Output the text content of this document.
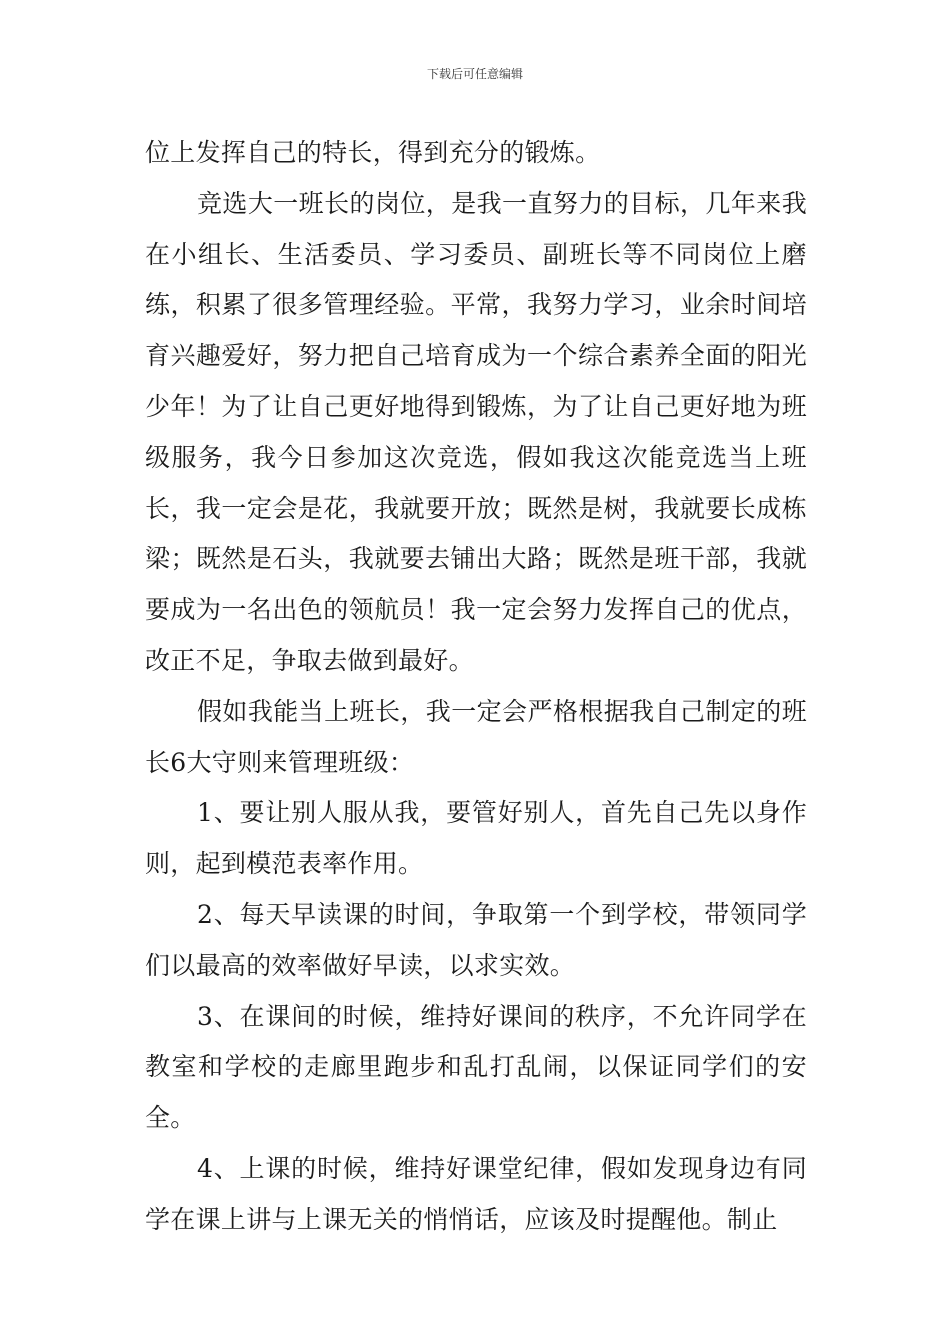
下载后可任意编辑

位上发挥自己的特长，得到充分的锻炼。

竞选大一班长的岗位，是我一直努力的目标，几年来我在小组长、生活委员、学习委员、副班长等不同岗位上磨练，积累了很多管理经验。平常，我努力学习，业余时间培育兴趣爱好，努力把自己培育成为一个综合素养全面的阳光少年！为了让自己更好地得到锻炼，为了让自己更好地为班级服务，我今日参加这次竞选，假如我这次能竞选当上班长，我一定会是花，我就要开放；既然是树，我就要长成栋梁；既然是石头，我就要去铺出大路；既然是班干部，我就要成为一名出色的领航员！我一定会努力发挥自己的优点，改正不足，争取去做到最好。

假如我能当上班长，我一定会严格根据我自己制定的班长6大守则来管理班级：

1、要让别人服从我，要管好别人，首先自己先以身作则，起到模范表率作用。

2、每天早读课的时间，争取第一个到学校，带领同学们以最高的效率做好早读，以求实效。

3、在课间的时候，维持好课间的秩序，不允许同学在教室和学校的走廊里跑步和乱打乱闹，以保证同学们的安全。

4、上课的时候，维持好课堂纪律，假如发现身边有同学在课上讲与上课无关的悄悄话，应该及时提醒他。制止
